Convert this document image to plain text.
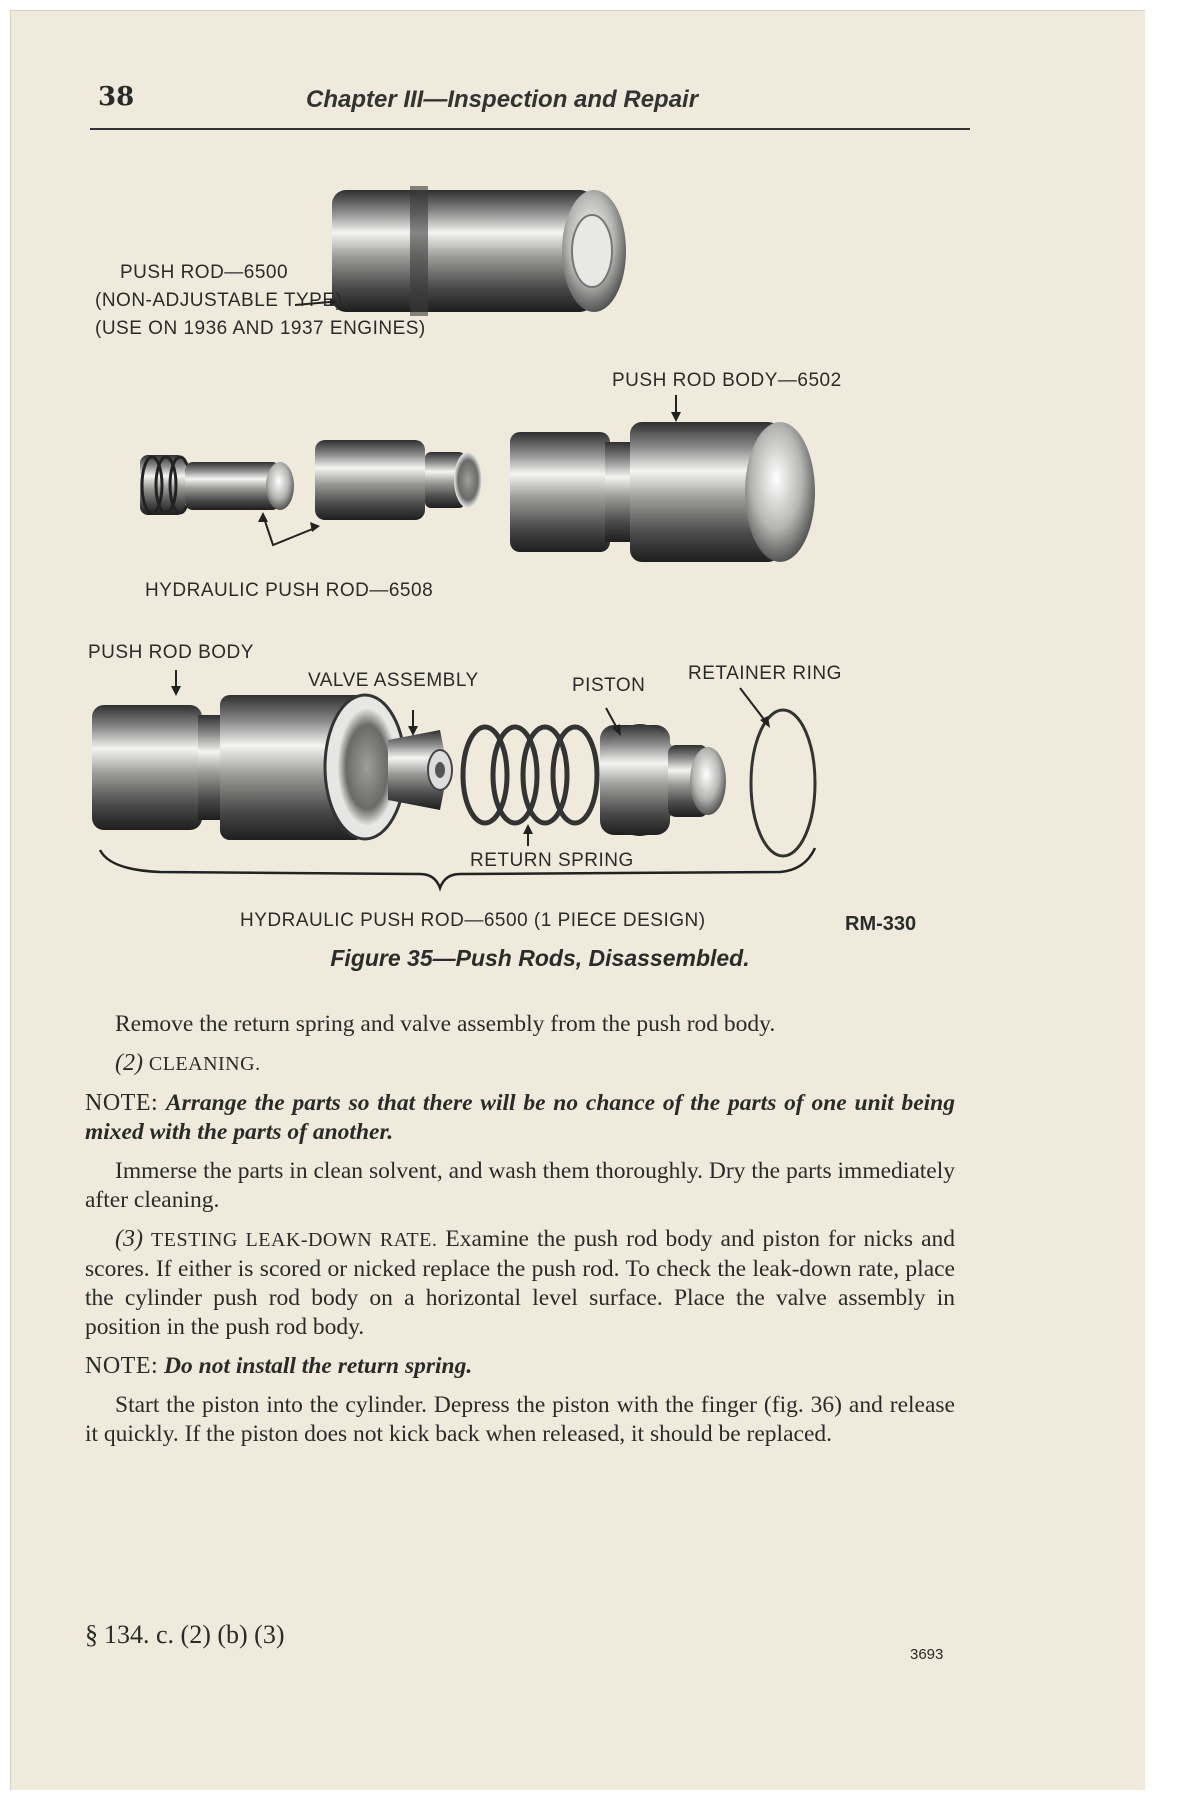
38	Chapter III—Inspection and Repair
PUSH ROD—6500
(NON-ADJUSTABLE TYPE)
(USE ON 1936 AND 1937 ENGINES)
PUSH ROD BODY—6502
HYDRAULIC PUSH ROD—6508
PUSH ROD BODY
VALVE ASSEMBLY	PISTON
RETAINER RING
RETURN SPRING
HYDRAULIC PUSH ROD—6500 (1 PIECE DESIGN)	RM-330
Figure 35—Push Rods, Disassembled.

Remove the return spring and valve assembly from the push rod body.

(2) CLEANING.

NOTE: Arrange the parts so that there will be no chance of the parts of one unit being mixed with the parts of another.

Immerse the parts in clean solvent, and wash them thoroughly. Dry the parts immediately after cleaning.

(3) TESTING LEAK-DOWN RATE. Examine the push rod body and piston for nicks and scores. If either is scored or nicked replace the push rod. To check the leak-down rate, place the cylinder push rod body on a horizontal level surface. Place the valve assembly in position in the push rod body.

NOTE: Do not install the return spring.

Start the piston into the cylinder. Depress the piston with the finger (fig. 36) and release it quickly. If the piston does not kick back when released, it should be replaced.

§ 134. c. (2) (b) (3)
3693
